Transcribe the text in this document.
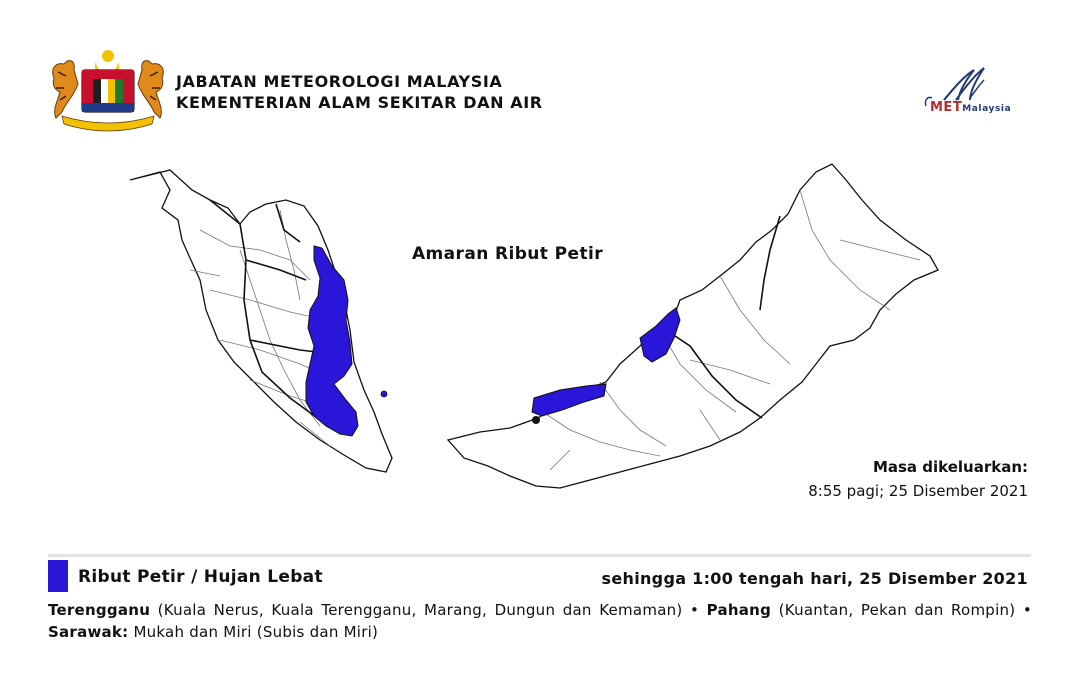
JABATAN METEOROLOGI MALAYSIA
KEMENTERIAN ALAM SEKITAR DAN AIR	METMalaysia
Amaran Ribut Petir
Masa dikeluarkan:
8:55 pagi; 25 Disember 2021
Ribut Petir / Hujan Lebat	sehingga 1:00 tengah hari, 25 Disember 2021
Terengganu (Kuala Nerus, Kuala Terengganu, Marang, Dungun dan Kemaman) • Pahang (Kuantan, Pekan dan Rompin) • Sarawak: Mukah dan Miri (Subis dan Miri)
